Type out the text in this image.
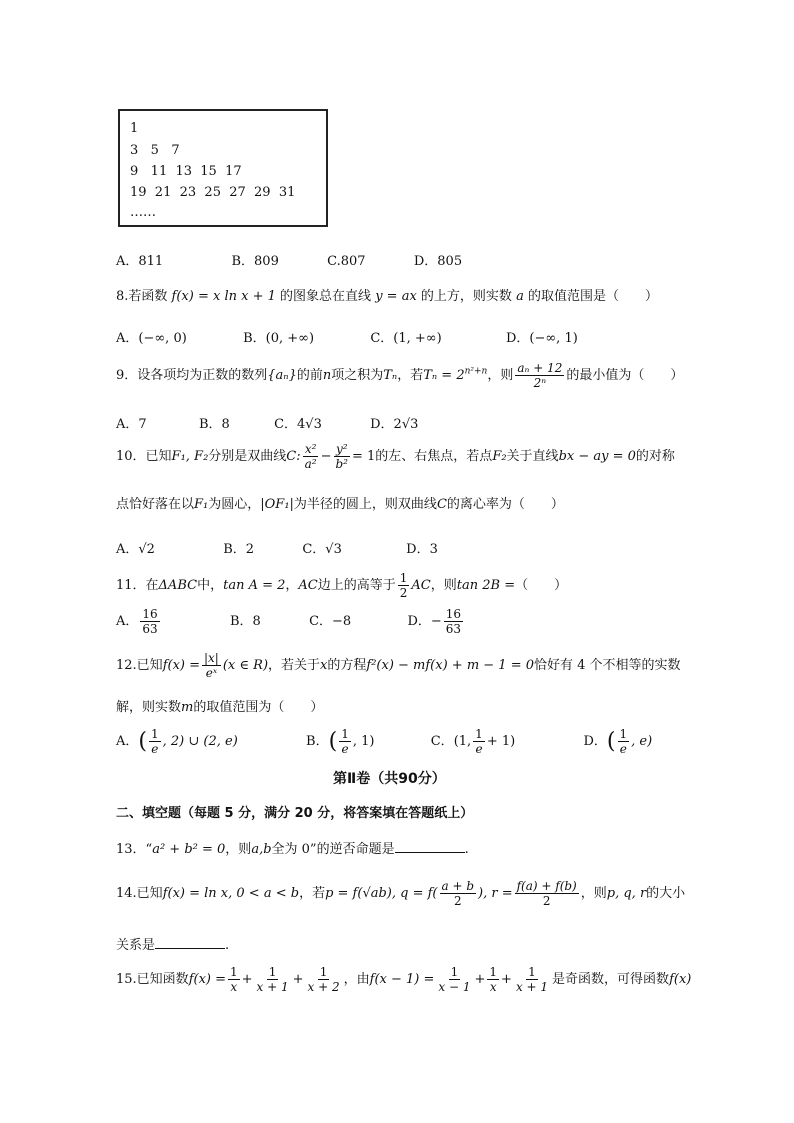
1
3   5   7
9   11  13  15  17
19  21  23  25  27  29  31
……
A．811	B．809	C.807	D．805
8.若函数 f(x) = x ln x + 1 的图象总在直线 y = ax 的上方，则实数 a 的取值范围是（　　）
A．(−∞, 0)	B．(0, +∞)	C．(1, +∞)	D．(−∞, 1)
9．设各项均为正数的数列{aₙ}的前n项之积为Tₙ，若$T_n = 2^{n^2+n}$，则 $\frac{\text{aₙ + 12}}{\text{2ⁿ}}$ 的最小值为（　　）
A．7	B．8	C．4√3	D．2√3
10．已知F₁, F₂分别是双曲线C: $\frac{\text{x²}}{\text{a²}} - \frac{\text{y²}}{\text{b²}} = 1$的左、右焦点，若点F₂关于直线bx − ay = 0的对称
点恰好落在以F₁为圆心，|OF₁|为半径的圆上，则双曲线C的离心率为（　　）
A．√2	B．2	C．√3	D．3
11．在ΔABC中，tan A = 2，AC边上的高等于 $\frac{1}{2}$ AC，则tan 2B =（　　）
A． $\frac{16}{63}$	B．8	C．−8	D．− $\frac{16}{63}$
12.已知$f(x) = \frac{|x|}{\text{eˣ}} (x$ ∈ R)，若关于x的方程f²(x) − mf(x) + m − 1 = 0恰好有 4 个不相等的实数
解，则实数m的取值范围为（　　）
A．( $\frac{1}{e}$ , 2) ∪ (2, e)	B．( $\frac{1}{e}$ , 1)	C．(1, $\frac{1}{e} + 1$)	D．( $\frac{1}{e}$ , e)
第Ⅱ卷（共90分）
二、填空题（每题 5 分，满分 20 分，将答案填在答题纸上）
13．“a² + b² = 0，则a,b全为 0”的逆否命题是	.
14.已知f(x) = ln x, 0 < a < b，若p = f(√ab), $q = f( \frac{a + b}{2}$ ), $r = \frac{f(a) + f(b)}{2}$ ，则p, q, r的大小
关系是	.
15.已知函数$f(x) = \frac{1}{x} + \frac{1}{x + 1} + \frac{1}{x + 2}$ ，由$f(x - 1) = \frac{1}{x - 1} + \frac{1}{x} + \frac{1}{x + 1}$ 是奇函数，可得函数f(x)
